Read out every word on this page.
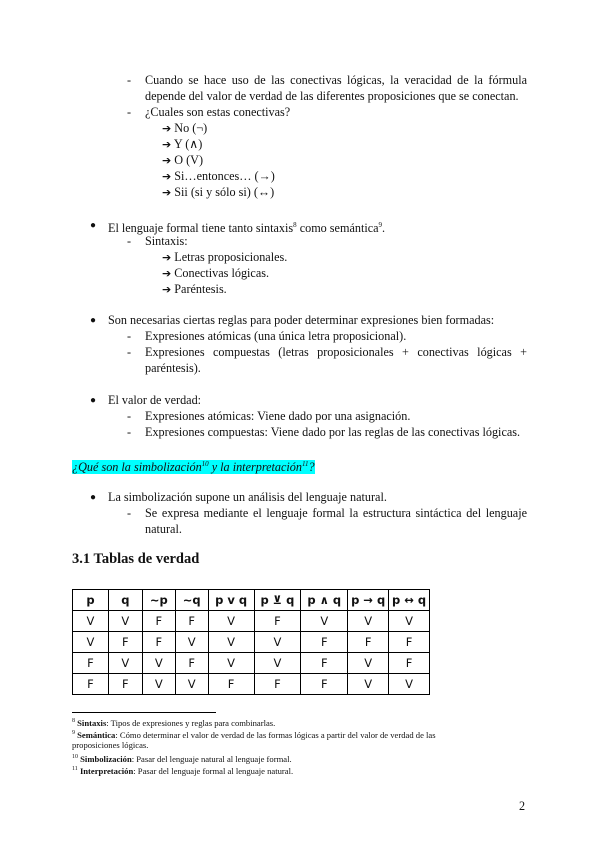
- Cuando se hace uso de las conectivas lógicas, la veracidad de la fórmula
depende del valor de verdad de las diferentes proposiciones que se conectan.
- ¿Cuales son estas conectivas?
➔ No (¬)
➔ Y (∧)
➔ O (V)
➔ Si…entonces… (→)
➔ Sii (si y sólo si) (↔)
● El lenguaje formal tiene tanto sintaxis$^8$ como semántica$^9$.
- Sintaxis:
➔ Letras proposicionales.
➔ Conectivas lógicas.
➔ Paréntesis.
● Son necesarias ciertas reglas para poder determinar expresiones bien formadas:
- Expresiones atómicas (una única letra proposicional).
- Expresiones compuestas (letras proposicionales + conectivas lógicas +
paréntesis).
● El valor de verdad:
- Expresiones atómicas: Viene dado por una asignación.
- Expresiones compuestas: Viene dado por las reglas de las conectivas lógicas.
¿Qué son la simbolización$^{10}$ y la interpretación$^{11}$?
● La simbolización supone un análisis del lenguaje natural.
- Se expresa mediante el lenguaje formal la estructura sintáctica del lenguaje
natural.
3.1 Tablas de verdad
p	q	~p	~q	p v q	p ⊻ q	p ∧ q	p → q	p ↔ q
V	V	F	F	V	F	V	V	V
V	F	F	V	V	V	F	F	F
F	V	V	F	V	V	F	V	F
F	F	V	V	F	F	F	V	V
$^8$ Sintaxis: Tipos de expresiones y reglas para combinarlas.
$^9$ Semántica: Cómo determinar el valor de verdad de las formas lógicas a partir del valor de verdad de las
proposiciones lógicas.
$^{10}$ Simbolización: Pasar del lenguaje natural al lenguaje formal.
$^{11}$ Interpretación: Pasar del lenguaje formal al lenguaje natural.
2
